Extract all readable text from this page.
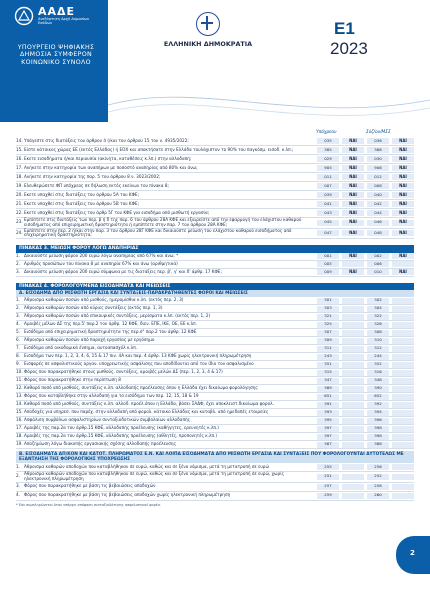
ΑΑΔΕ
Ανεξάρτητη Αρχή Δημοσίων Εσόδων
ΥΠΟΥΡΓΕΙΟ ΨΗΦΙΑΚΗΣ
ΔΗΜΟΣΙΑ ΣΥΜΦΕΡΟΝ
ΚΟΙΝΩΝΙΚΟ ΣΥΝΟΛΟ
ΕΛΛΗΝΙΚΗ ΔΗΜΟΚΡΑΤΙΑ
Ε1
2023
Υπόχρεου	Σύζ/ου/ΜΣΣ
14. Υπάγεστε στις διατάξεις του άρθρου 4 (/και του άρθρου 15 του ν. 4935/2022;	035	ΝΑΙ	036	ΝΑΙ
15. Είστε κάτοικος χώρας ΕΕ (εκτός Ελλάδας) ή ΕΟΧ και αποκτήσατε στην Ελλάδα τουλάχιστον το 90% του παγκόσμ. εισοδ. κ.λπ.;	385	ΝΑΙ	386	ΝΑΙ
16. Εκετε εισαδήματα ή/και περιουσία (ακίνητα, καταθέσεις κ.λπ.) στην αλλοδαπή;	029	ΝΑΙ	030	ΝΑΙ
17. Ανήκετε στην κατηγορία των αναπήρων με ποσοστό αναπηρίας από 80% και άνω;	905	ΝΑΙ	906	ΝΑΙ
18. Ανήκετε στην κατηγορία της παρ. 5 του άρθρου 8 ν. 3023/2002;	011	ΝΑΙ	012	ΝΑΙ
19. Ελευθερώσετε ΦΠ υπόχρεος σε δήλωση εκτός εκείνων του πίνακα 8;	007	ΝΑΙ	008	ΝΑΙ
20. Εκετε υπαχθεί στις διατάξεις του άρθρου 5Α του ΚΦΕ;	039	ΝΑΙ	040	ΝΑΙ
21. Εκετε υπαχθεί στις διατάξεις του άρθρου 5Β του ΚΦΕ;	041	ΝΑΙ	042	ΝΑΙ
22. Εκετε υπαχθεί στις διατάξεις του άρθρ 5Γ του ΚΦΕ για εισοδήμα από μισθωτή εργασία;	043	ΝΑΙ	044	ΝΑΙ
23. Εμπίπτετε στις διατάξεις των περ. β ή δ της παρ. 6 του άρθρου 28Α ΚΦΕ και εξαιρείστε από την εφαρμογή του ελάχιστου καθαρού εισοδήματος από επιχειρηματική δραστηριότητα ή εμπίπτετε στην παρ. 7 του άρθρου 28Α ΚΦΕ;	045	ΝΑΙ	046	ΝΑΙ
24. Εμπίπτετε στην περ. 2 ή/και στην παρ. 3 του άρθρου 28Γ ΚΦΕ και δικαιούστε μείωση του ελάχιστου καθαρού εισοδήματος από επιχειρηματική δραστηριότητα;	047	ΝΑΙ	048	ΝΑΙ
ΠΙΝΑΚΑΣ 3. ΜΕΙΩΣΗ ΦΟΡΟΥ ΛΟΓΩ ΑΝΑΠΗΡΙΑΣ
1. Δικαιούστε μείωση φόρου 200 ευρώ λόγω αναπηρίας από 67% και άνω; *	001	ΝΑΙ	002	ΝΑΙ
2. Αριθμός προσώπων του πίνακα 8 με αναπηρία 67% και άνω (αριθμητικά)	005	006
3. Δικαιούστε μείωση φόρου 200 ευρώ σύμφωνα με τις διατάξεις περ. β', γ' και δ' άρθρ. 17 ΚΦΕ;	009	ΝΑΙ	010	ΝΑΙ
ΠΙΝΑΚΑΣ 4. ΦΟΡΟΛΟΓΟΥΜΕΝΑ ΕΙΣΟΔΗΜΑΤΑ ΚΑΙ ΜΕΙΩΣΕΙΣ
Α. ΕΙΣΟΔΗΜΑ ΑΠΟ ΜΙΣΘΩΤΗ ΕΡΓΑΣΙΑ ΚΑΙ ΣΥΝΤΑΞΕΙΣ-ΠΑΡΑΚΡΑΤΗΘΕΝΤΕΣ ΦΟΡΟΙ ΚΑΙ ΜΕΙΩΣΕΙΣ
1. Άθροισμα καθαρών ποσών από μισθούς, ημερομίσθια κ.λπ. (εκτός περ. 2, 3)	301	302
2. Άθροισμα καθαρών ποσών από κύριες συντάξεις (εκτός περ. 1, 3)	303	304
3. Άθροισμα καθαρών ποσών από επικουρικές συντάξεις, μερίσματα κ.λπ. (εκτός περ. 1, 2)	321	322
4. Αμοιβές μέλων ΔΣ της περ.5' παρ.2 του άρθρ. 12 ΚΦΕ, διεν. ΕΠΕ, ΙΚΕ, ΟΕ, ΕΕ κ.λπ.	325	326
5. Εισόδημα από επιχειρηματική δραστηριότητα της περ.σ" παρ.2 του άρθρ. 12 ΚΦΕ	307	308
6. Άθροισμα καθαρών ποσών από παροχή εργασίας με εργόσημο	309	310
7. Εισόδημα από οικοδομικά ένσημα, αυτοαπασχόλ κ.λπ.	311	312
8. Εισοδήμα των περ. 1, 2, 3, 4, 6, 15 & 17 πιν. 4Α και παρ. 4 άρθρ. 13 ΚΦΕ χωρίς ηλεκτρονική πληρωμέτρηση	243	244
9. Εισφορές σε ασφαλιστικούς οργαν. υποχρεωτικής ασφάλισης που αποδίδονται από τον ίδιο τον ασφαλισμένο	351	352
10. Φόρος που παρακρατήθηκε στους μισθούς, συντάξεις, αμοιβές μελών ΔΣ (περ. 1, 2, 3, 4 & 17)	315	316
11. Φόρος που παρακρατήθηκε στην περίπτωση 8	347	348
12. Καθαρό ποσό από μισθούς, συντάξεις κ.λπ. αλλοδαπής προέλευσης όπου η Ελλάδα έχει δικαίωμα φορολόγησης	389	390
13. Φόρος που καταβλήθηκε στην αλλοδαπή για το εισόδημα των περ. 12, 15, 18 & 19	651	652
14. Καθαρό ποσό από μισθούς, συντάξεις κ.λπ. αλλοδ. προέλ.όπου η Ελλάδα, βάσει ΣΑΔΦ, έχει αποκλειστ.δικαίωμα φορολ.	391	392
15. Αποδοχές για υπηρεσ. που παρέχ. στην αλλοδαπή από φορολ. κάτοικο Ελλάδας και καταβλ. από ημεδαπές εταιρείες	393	394
16. Ασφάλιση συμβάλων ασφαλιστηρίων συνταξιοδοτικών συμβολαίων αλλοδαπής	395	396
17. Αμοιβές της παρ.2α του άρθρ.15 ΚΦΕ, αλλοδαπής προέλευσης (καθήγητες, ερευνητές κ.λπ.)	397	398
18. Αμοιβές της παρ.2α του άρθρ.15 ΚΦΕ, αλλοδαπής προέλευσης (αθλητές, προπονητές κ.λπ.)	397	398
19. Αποζημίωση λόγω διακοπής εργασιακής σχέσης αλλοδαπής προέλευσης	387	388
Β. ΕΙΣΟΔΗΜΑΤΑ ΑΠ/ΚΟΝ ΚΑΙ ΚΑΤΟΤ. ΠΛΗΡΩΜΑΤΟΣ Ε.Ν. ΚΑΙ ΛΟΙΠΑ ΕΙΣΟΔΗΜΑΤΑ ΑΠΟ ΜΙΣΘΩΤΗ ΕΡΓΑΣΙΑ ΚΑΙ ΣΥΝΤΑΞΕΙΣ ΠΟΥ ΦΟΡΟΛΟΓΟΥΝΤΑΙ ΑΥΤΟΤΕΛΩΣ ΜΕ ΕΞΑΝΤΛΗΣΗ ΤΗΣ ΦΟΡΟΛΟΓΙΚΗΣ ΥΠΟΧΡΕΩΣΗΣ
1. Άθροισμα καθαρών αποδοχών που καταβλήθηκαν σε ευρώ, καθώς και σε ξένο νόμισμα, μετά τη μετατροπή σε ευρώ	255	256
2. Άθροισμα καθαρών αποδοχών που καταβλήθηκαν σε ευρώ, καθώς και σε ξένο νόμισμα, μετά τη μετατροπή σε ευρώ, χωρίς ηλεκτρονική πληρωμέτρηση	251	252
3. Φόρος που παρακρατήθηκε με βάση τις βεβαιώσεις αποδοχών	257	258
4. Φόρος που παρακρατήθηκε με βάση τις βεβαιώσεις αποδοχών χωρίς ηλεκτρονική πληρωμέτρηση	259	260
* Εάν συμπληρώνεται όταν υπάρχει απόφαση συνταξιοδότησης ασφαλιστικού φορέα.
2
